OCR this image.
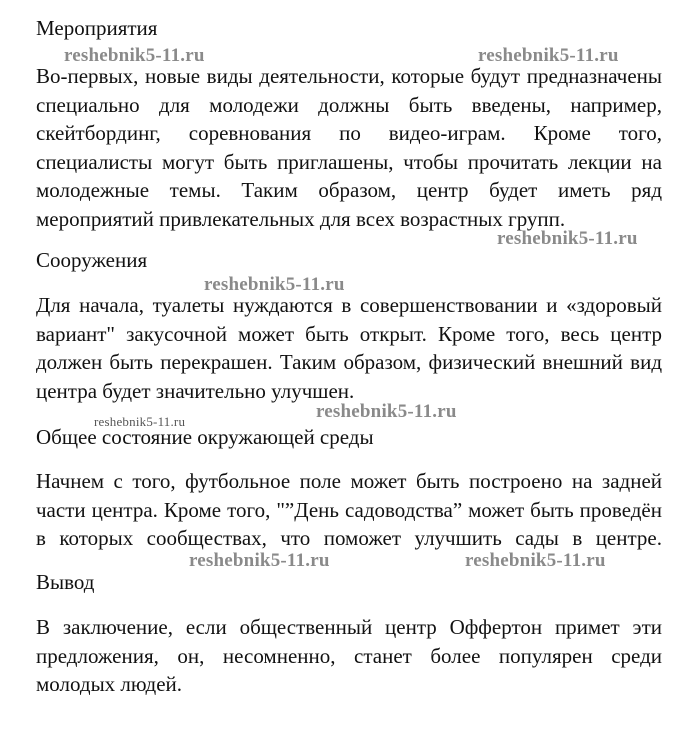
Мероприятия
reshebnik5-11.ru	reshebnik5-11.ru
Во-первых, новые виды деятельности, которые будут предназначены
специально для молодежи должны быть введены, например,
скейтбординг, соревнования по видео-играм. Кроме того,
специалисты могут быть приглашены, чтобы прочитать лекции на
молодежные темы. Таким образом, центр будет иметь ряд
мероприятий привлекательных для всех возрастных групп.
reshebnik5-11.ru
Сооружения
reshebnik5-11.ru
Для начала, туалеты нуждаются в совершенствовании и «здоровый
вариант" закусочной может быть открыт. Кроме того, весь центр
должен быть перекрашен. Таким образом, физический внешний вид
центра будет значительно улучшен.
reshebnik5-11.ru	reshebnik5-11.ru
Общее состояние окружающей среды
Начнем с того, футбольное поле может быть построено на задней
части центра. Кроме того, "”День садоводства” может быть проведён
в которых сообществах, что поможет улучшить сады в центре.
reshebnik5-11.ru	reshebnik5-11.ru
Вывод
В заключение, если общественный центр Оффертон примет эти
предложения, он, несомненно, станет более популярен среди
молодых людей.
